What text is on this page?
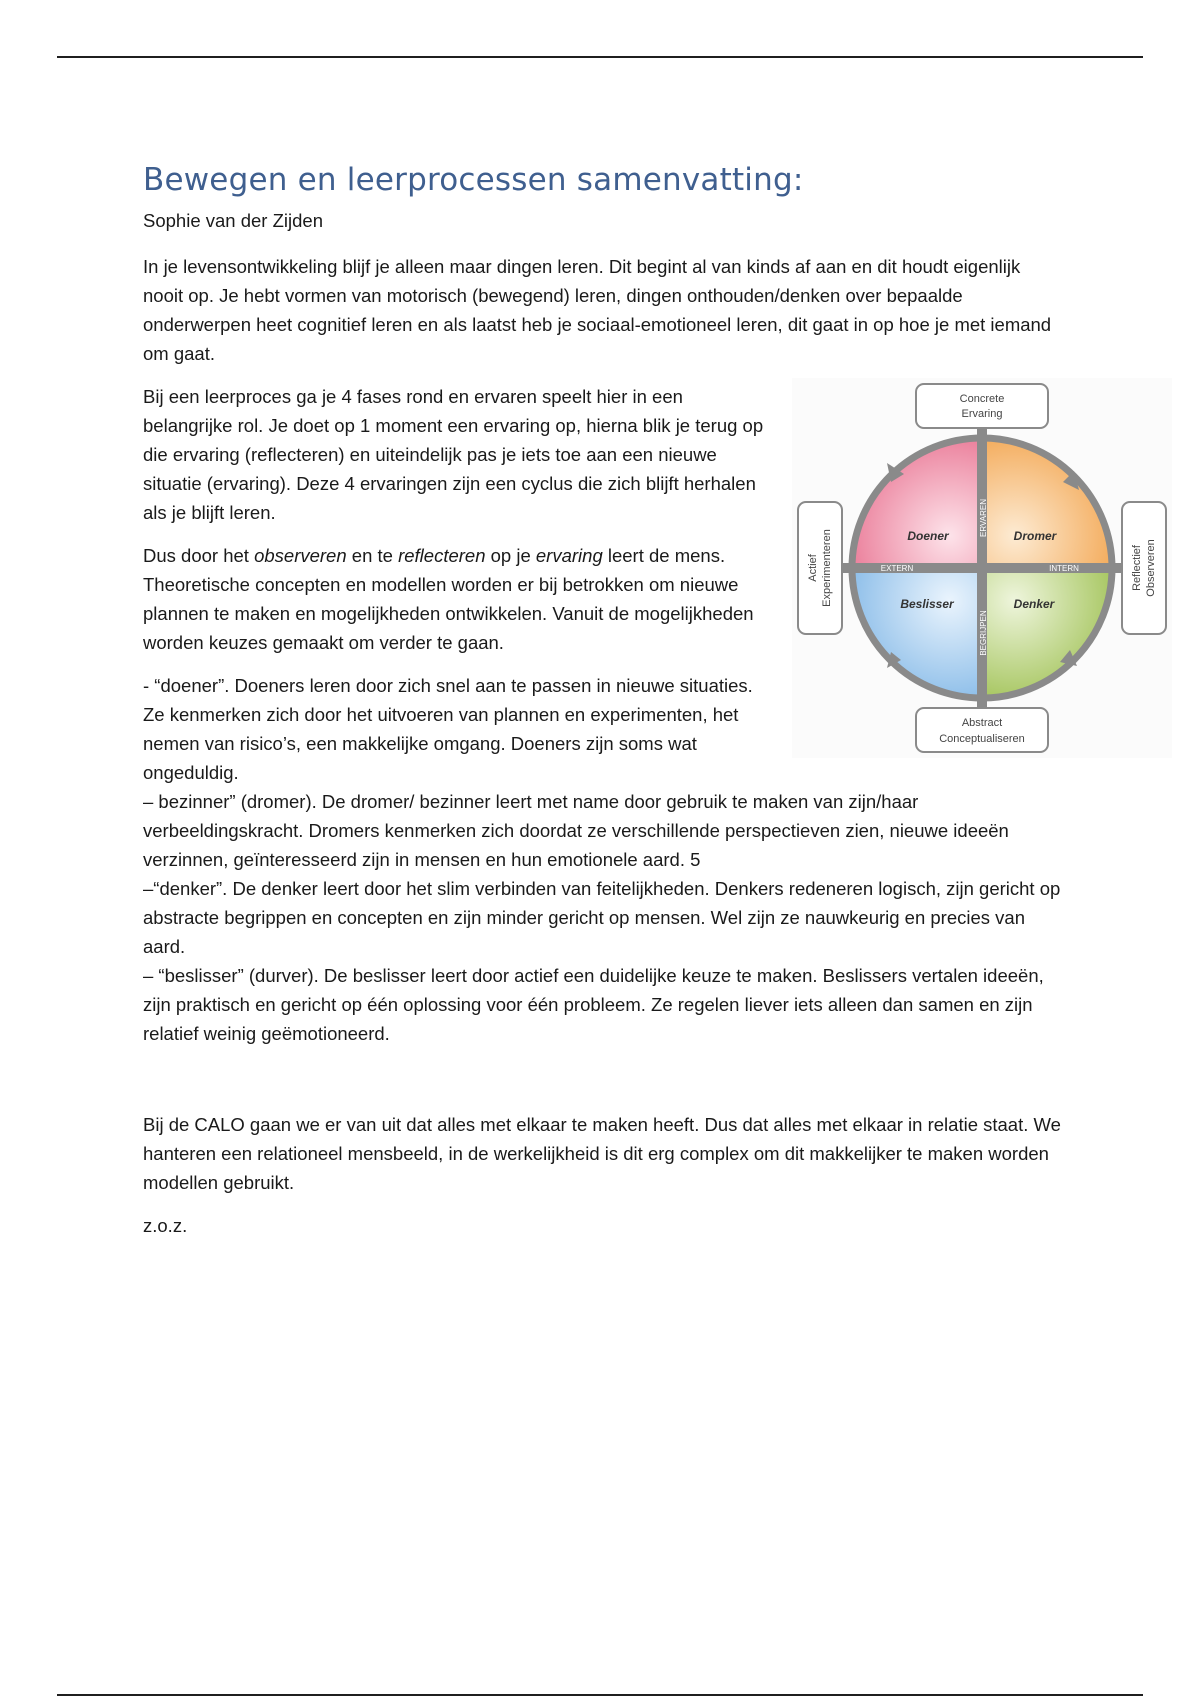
Bewegen en leerprocessen samenvatting:
Sophie van der Zijden

In je levensontwikkeling blijf je alleen maar dingen leren. Dit begint al van kinds af aan en dit houdt eigenlijk nooit op. Je hebt vormen van motorisch (bewegend) leren, dingen onthouden/denken over bepaalde onderwerpen heet cognitief leren en als laatst heb je sociaal-emotioneel leren, dit gaat in op hoe je met iemand om gaat.

Bij een leerproces ga je 4 fases rond en ervaren speelt hier in een belangrijke rol. Je doet op 1 moment een ervaring op, hierna blik je terug op die ervaring (reflecteren) en uiteindelijk pas je iets toe aan een nieuwe situatie (ervaring). Deze 4 ervaringen zijn een cyclus die zich blijft herhalen als je blijft leren.

Dus door het observeren en te reflecteren op je ervaring leert de mens. Theoretische concepten en modellen worden er bij betrokken om nieuwe plannen te maken en mogelijkheden ontwikkelen. Vanuit de mogelijkheden worden keuzes gemaakt om verder te gaan.

- “doener”. Doeners leren door zich snel aan te passen in nieuwe situaties. Ze kenmerken zich door het uitvoeren van plannen en experimenten, het nemen van risico’s, een makkelijke omgang. Doeners zijn soms wat ongeduldig.

– bezinner” (dromer). De dromer/ bezinner leert met name door gebruik te maken van zijn/haar verbeeldingskracht. Dromers kenmerken zich doordat ze verschillende perspectieven zien, nieuwe ideeën verzinnen, geïnteresseerd zijn in mensen en hun emotionele aard. 5

–“denker”. De denker leert door het slim verbinden van feitelijkheden. Denkers redeneren logisch, zijn gericht op abstracte begrippen en concepten en zijn minder gericht op mensen. Wel zijn ze nauwkeurig en precies van aard.

– “beslisser” (durver). De beslisser leert door actief een duidelijke keuze te maken. Beslissers vertalen ideeën, zijn praktisch en gericht op één oplossing voor één probleem. Ze regelen liever iets alleen dan samen en zijn relatief weinig geëmotioneerd.

Bij de CALO gaan we er van uit dat alles met elkaar te maken heeft. Dus dat alles met elkaar in relatie staat. We hanteren een relationeel mensbeeld, in de werkelijkheid is dit erg complex om dit makkelijker te maken worden modellen gebruikt.

z.o.z.

ERVAREN
BEGRIJPEN
EXTERN	INTERN
Doener	Dromer
Beslisser	Denker
Concrete
Ervaring
Abstract
Conceptualiseren
Actief Experimenteren	Reflectief Observeren
